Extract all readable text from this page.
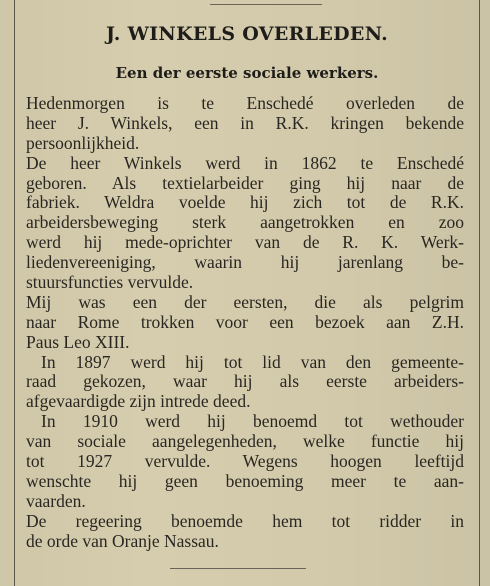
J. WINKELS OVERLEDEN.
Een der eerste sociale werkers.
Hedenmorgen is te Enschedé overleden de
heer J. Winkels, een in R.K. kringen bekende
persoonlijkheid.
De heer Winkels werd in 1862 te Enschedé
geboren. Als textielarbeider ging hij naar de
fabriek. Weldra voelde hij zich tot de R.K.
arbeidersbeweging sterk aangetrokken en zoo
werd hij mede-oprichter van de R. K. Werk-
liedenvereeniging, waarin hij jarenlang be-
stuursfuncties vervulde.
Mij was een der eersten, die als pelgrim
naar Rome trokken voor een bezoek aan Z.H.
Paus Leo XIII.
In 1897 werd hij tot lid van den gemeente-
raad gekozen, waar hij als eerste arbeiders-
afgevaardigde zijn intrede deed.
In 1910 werd hij benoemd tot wethouder
van sociale aangelegenheden, welke functie hij
tot 1927 vervulde. Wegens hoogen leeftijd
wenschte hij geen benoeming meer te aan-
vaarden.
De regeering benoemde hem tot ridder in
de orde van Oranje Nassau.
